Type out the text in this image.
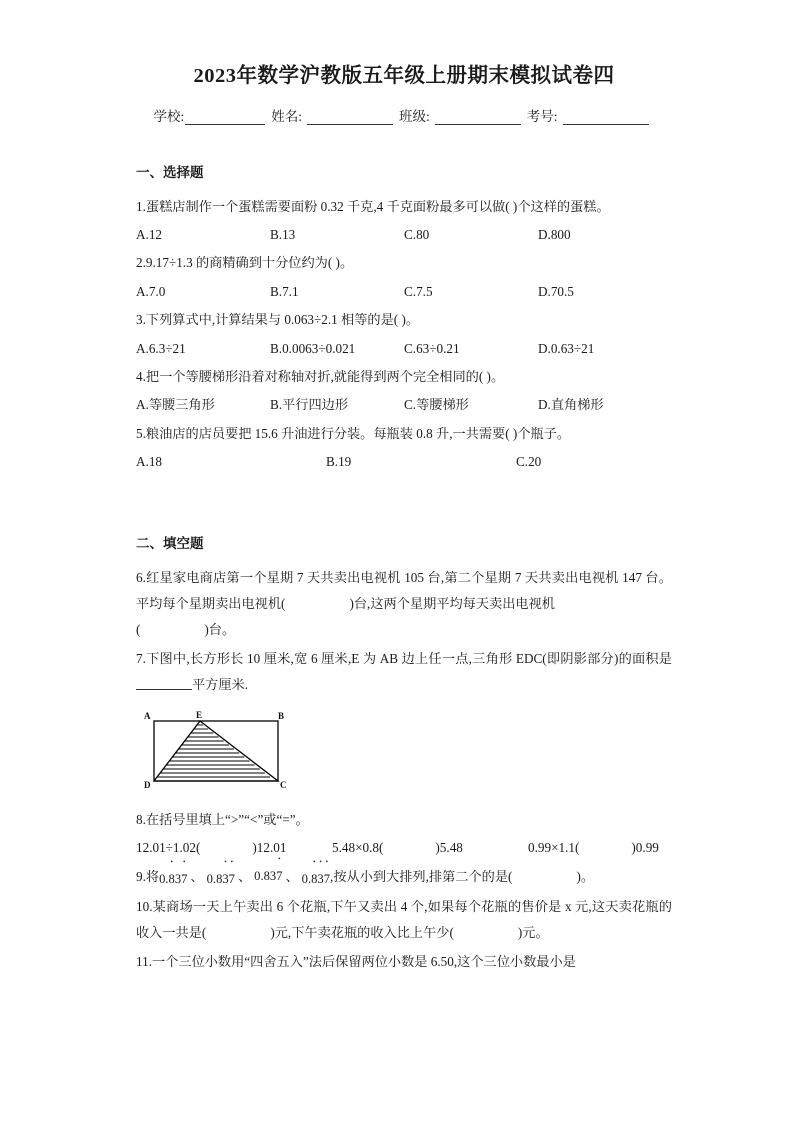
2023年数学沪教版五年级上册期末模拟试卷四
学校:	姓名:	班级:	考号:
一、选择题
1.蛋糕店制作一个蛋糕需要面粉 0.32 千克,4 千克面粉最多可以做( )个这样的蛋糕。
A.12	B.13	C.80	D.800
2.9.17÷1.3 的商精确到十分位约为( )。
A.7.0	B.7.1	C.7.5	D.70.5
3.下列算式中,计算结果与 0.063÷2.1 相等的是( )。
A.6.3÷21	B.0.0063÷0.021	C.63÷0.21	D.0.63÷21
4.把一个等腰梯形沿着对称轴对折,就能得到两个完全相同的( )。
A.等腰三角形	B.平行四边形	C.等腰梯形	D.直角梯形
5.粮油店的店员要把 15.6 升油进行分装。每瓶装 0.8 升,一共需要( )个瓶子。
A.18	B.19	C.20
二、填空题
6.红星家电商店第一个星期 7 天共卖出电视机 105 台,第二个星期 7 天共卖出电视机 147 台。平均每个星期卖出电视机(	)台,这两个星期平均每天卖出电视机
(	)台。
7.下图中,长方形长 10 厘米,宽 6 厘米,E 为 AB 边上任一点,三角形 EDC(即阴影部分)的面积是平方厘米.
A	B
C
D
E
8.在括号里填上“>”“<”或“=”。
12.01÷1.02(	)12.01	5.48×0.8(	)5.48	0.99×1.1(	)0.99
9.将0.• 83• 7 、 0.8• 3• 7 、 0.83• 7 、 0.• 8• 3• 7,按从小到大排列,排第二个的是(	)。
10.某商场一天上午卖出 6 个花瓶,下午又卖出 4 个,如果每个花瓶的售价是 x 元,这天卖花瓶的收入一共是(	)元,下午卖花瓶的收入比上午少(	)元。
11.一个三位小数用“四舍五入”法后保留两位小数是 6.50,这个三位小数最小是
